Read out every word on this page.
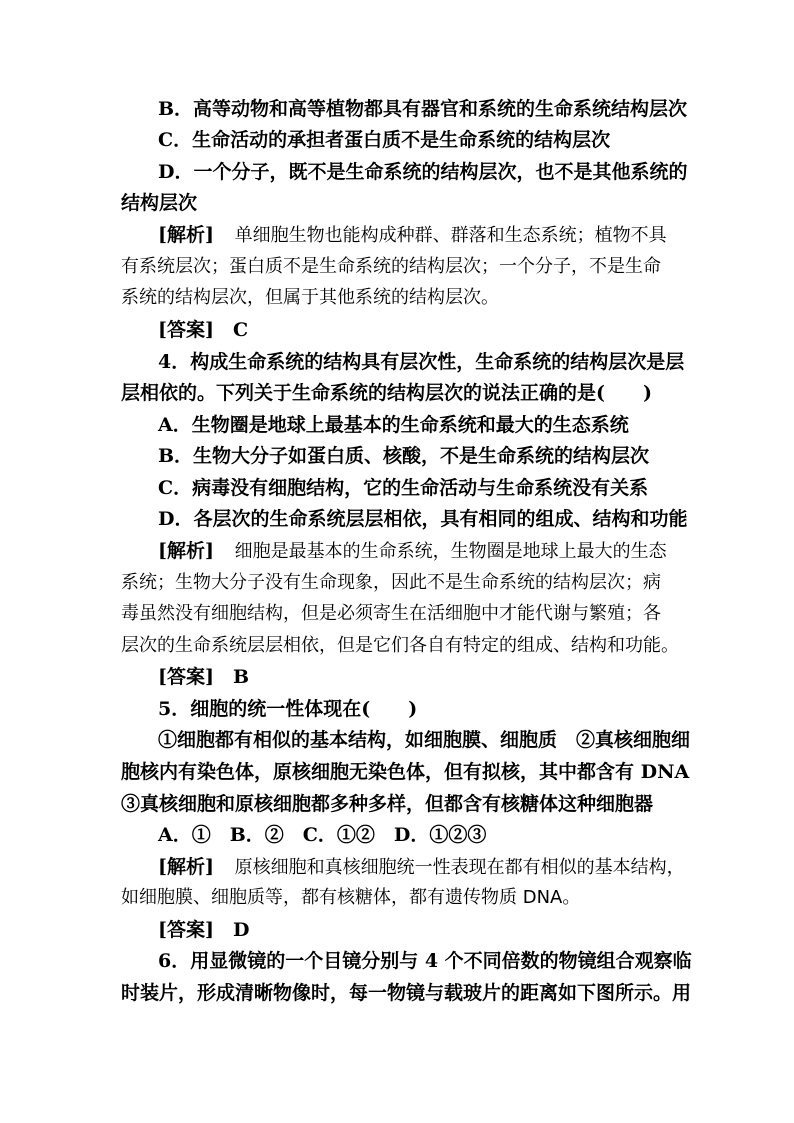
B．高等动物和高等植物都具有器官和系统的生命系统结构层次
C．生命活动的承担者蛋白质不是生命系统的结构层次
D．一个分子，既不是生命系统的结构层次，也不是其他系统的
结构层次
[解析] 单细胞生物也能构成种群、群落和生态系统；植物不具
有系统层次；蛋白质不是生命系统的结构层次；一个分子，不是生命
系统的结构层次，但属于其他系统的结构层次。
[答案]　C
4．构成生命系统的结构具有层次性，生命系统的结构层次是层
层相依的。下列关于生命系统的结构层次的说法正确的是(　　)
A．生物圈是地球上最基本的生命系统和最大的生态系统
B．生物大分子如蛋白质、核酸，不是生命系统的结构层次
C．病毒没有细胞结构，它的生命活动与生命系统没有关系
D．各层次的生命系统层层相依，具有相同的组成、结构和功能
[解析] 细胞是最基本的生命系统，生物圈是地球上最大的生态
系统；生物大分子没有生命现象，因此不是生命系统的结构层次；病
毒虽然没有细胞结构，但是必须寄生在活细胞中才能代谢与繁殖；各
层次的生命系统层层相依，但是它们各自有特定的组成、结构和功能。
[答案]　B
5．细胞的统一性体现在(　　)
①细胞都有相似的基本结构，如细胞膜、细胞质　②真核细胞细
胞核内有染色体，原核细胞无染色体，但有拟核，其中都含有 DNA
③真核细胞和原核细胞都多种多样，但都含有核糖体这种细胞器
A．①　B．②　C．①②　D．①②③
[解析] 原核细胞和真核细胞统一性表现在都有相似的基本结构，
如细胞膜、细胞质等，都有核糖体，都有遗传物质 DNA。
[答案]　D
6．用显微镜的一个目镜分别与 4 个不同倍数的物镜组合观察临
时装片，形成清晰物像时，每一物镜与载玻片的距离如下图所示。用
